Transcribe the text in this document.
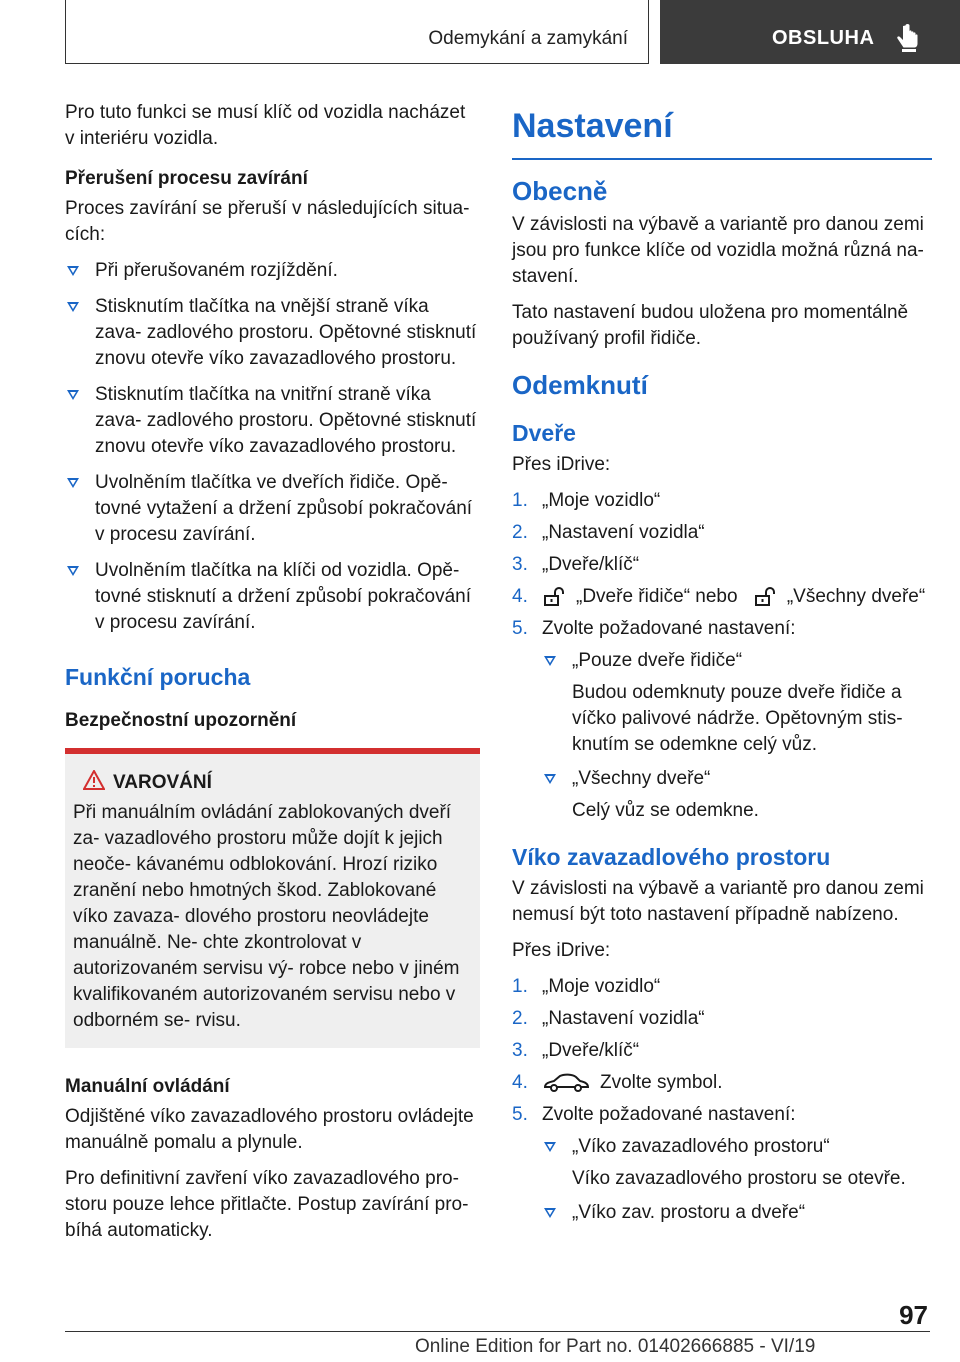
Odemykání a zamykání	OBSLUHA

Pro tuto funkci se musí klíč od vozidla nacházet v interiéru vozidla.

Přerušení procesu zavírání

Proces zavírání se přeruší v následujících situa- cích:

Při přerušovaném rozjíždění.
Stisknutím tlačítka na vnější straně víka zava- zadlového prostoru. Opětovné stisknutí znovu otevře víko zavazadlového prostoru.
Stisknutím tlačítka na vnitřní straně víka zava- zadlového prostoru. Opětovné stisknutí znovu otevře víko zavazadlového prostoru.
Uvolněním tlačítka ve dveřích řidiče. Opě- tovné vytažení a držení způsobí pokračování v procesu zavírání.
Uvolněním tlačítka na klíči od vozidla. Opě- tovné stisknutí a držení způsobí pokračování v procesu zavírání.
Funkční porucha
Bezpečnostní upozornění
VAROVÁNÍ
Při manuálním ovládání zablokovaných dveří za- vazadlového prostoru může dojít k jejich neoče- kávanému odblokování. Hrozí riziko zranění nebo hmotných škod. Zablokované víko zavaza- dlového prostoru neovládejte manuálně. Ne- chte zkontrolovat v autorizovaném servisu vý- robce nebo v jiném kvalifikovaném autorizovaném servisu nebo v odborném se- rvisu.
Manuální ovládání

Odjištěné víko zavazadlového prostoru ovládejte manuálně pomalu a plynule.

Pro definitivní zavření víko zavazadlového pro- storu pouze lehce přitlačte. Postup zavírání pro- bíhá automaticky.

Nastavení
Obecně

V závislosti na výbavě a variantě pro danou zemi jsou pro funkce klíče od vozidla možná různá na- stavení.

Tato nastavení budou uložena pro momentálně používaný profil řidiče.

Odemknutí
Dveře

Přes iDrive:

1. „Moje vozidlo“
2. „Nastavení vozidla“
3. „Dveře/klíč“
4.	„Dveře řidiče“ nebo	„Všechny dveře“
5. Zvolte požadované nastavení:
„Pouze dveře řidiče“
Budou odemknuty pouze dveře řidiče a víčko palivové nádrže. Opětovným stis- knutím se odemkne celý vůz.
„Všechny dveře“
Celý vůz se odemkne.
Víko zavazadlového prostoru

V závislosti na výbavě a variantě pro danou zemi nemusí být toto nastavení případně nabízeno.

Přes iDrive:

1. „Moje vozidlo“
2. „Nastavení vozidla“
3. „Dveře/klíč“
4.	Zvolte symbol.
5. Zvolte požadované nastavení:
„Víko zavazadlového prostoru“
Víko zavazadlového prostoru se otevře.
„Víko zav. prostoru a dveře“
97
Online Edition for Part no. 01402666885 - VI/19
